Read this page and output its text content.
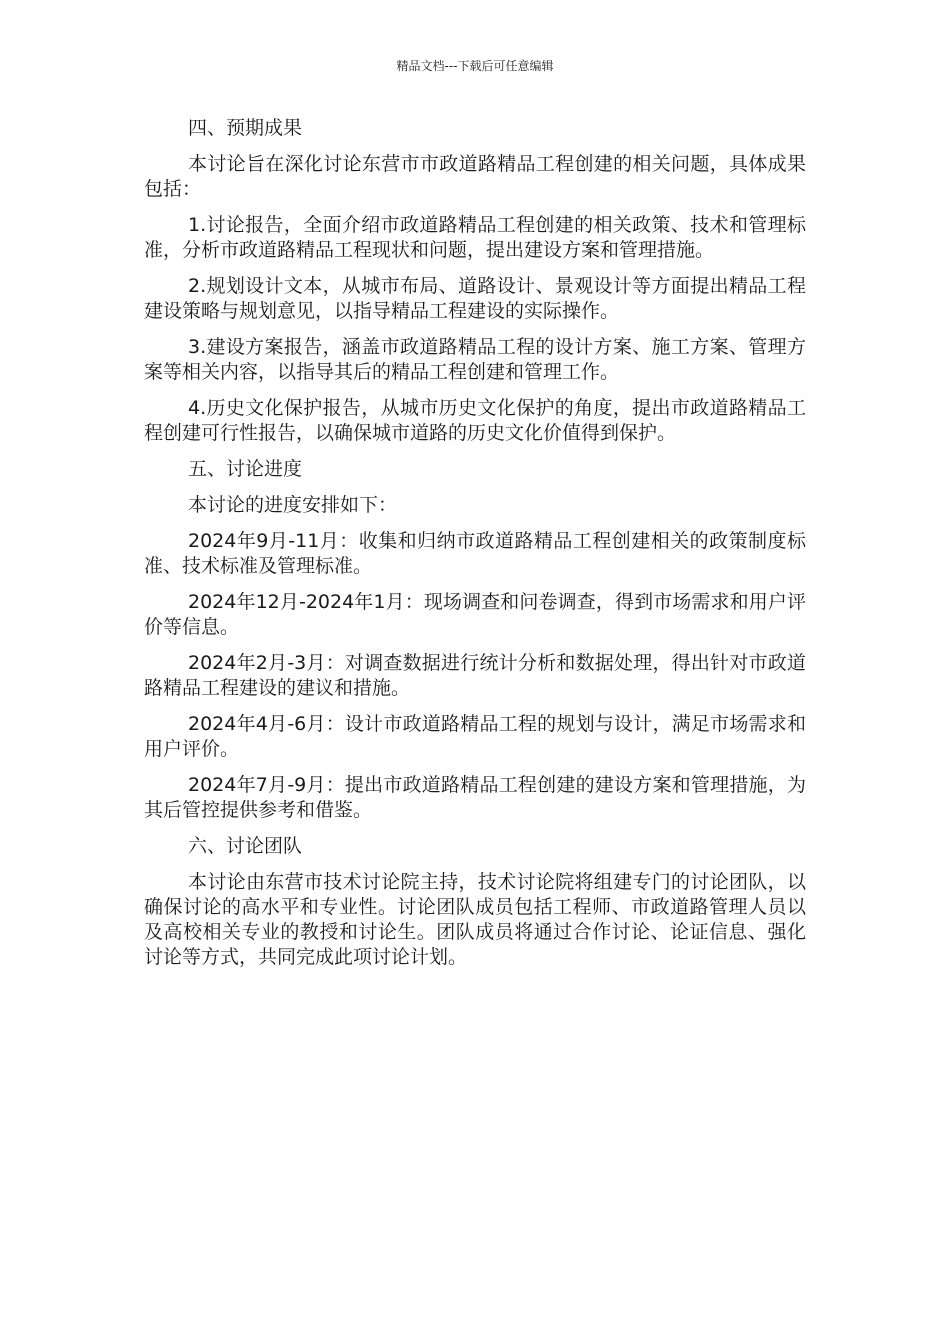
精品文档---下载后可任意编辑

四、预期成果

本讨论旨在深化讨论东营市市政道路精品工程创建的相关问题，具体成果包括：

1.讨论报告，全面介绍市政道路精品工程创建的相关政策、技术和管理标准，分析市政道路精品工程现状和问题，提出建设方案和管理措施。

2.规划设计文本，从城市布局、道路设计、景观设计等方面提出精品工程建设策略与规划意见，以指导精品工程建设的实际操作。

3.建设方案报告，涵盖市政道路精品工程的设计方案、施工方案、管理方案等相关内容，以指导其后的精品工程创建和管理工作。

4.历史文化保护报告，从城市历史文化保护的角度，提出市政道路精品工程创建可行性报告，以确保城市道路的历史文化价值得到保护。

五、讨论进度

本讨论的进度安排如下：

2024年9月-11月：收集和归纳市政道路精品工程创建相关的政策制度标准、技术标准及管理标准。

2024年12月-2024年1月：现场调查和问卷调查，得到市场需求和用户评价等信息。

2024年2月-3月：对调查数据进行统计分析和数据处理，得出针对市政道路精品工程建设的建议和措施。

2024年4月-6月：设计市政道路精品工程的规划与设计，满足市场需求和用户评价。

2024年7月-9月：提出市政道路精品工程创建的建设方案和管理措施，为其后管控提供参考和借鉴。

六、讨论团队

本讨论由东营市技术讨论院主持，技术讨论院将组建专门的讨论团队，以确保讨论的高水平和专业性。讨论团队成员包括工程师、市政道路管理人员以及高校相关专业的教授和讨论生。团队成员将通过合作讨论、论证信息、强化讨论等方式，共同完成此项讨论计划。
